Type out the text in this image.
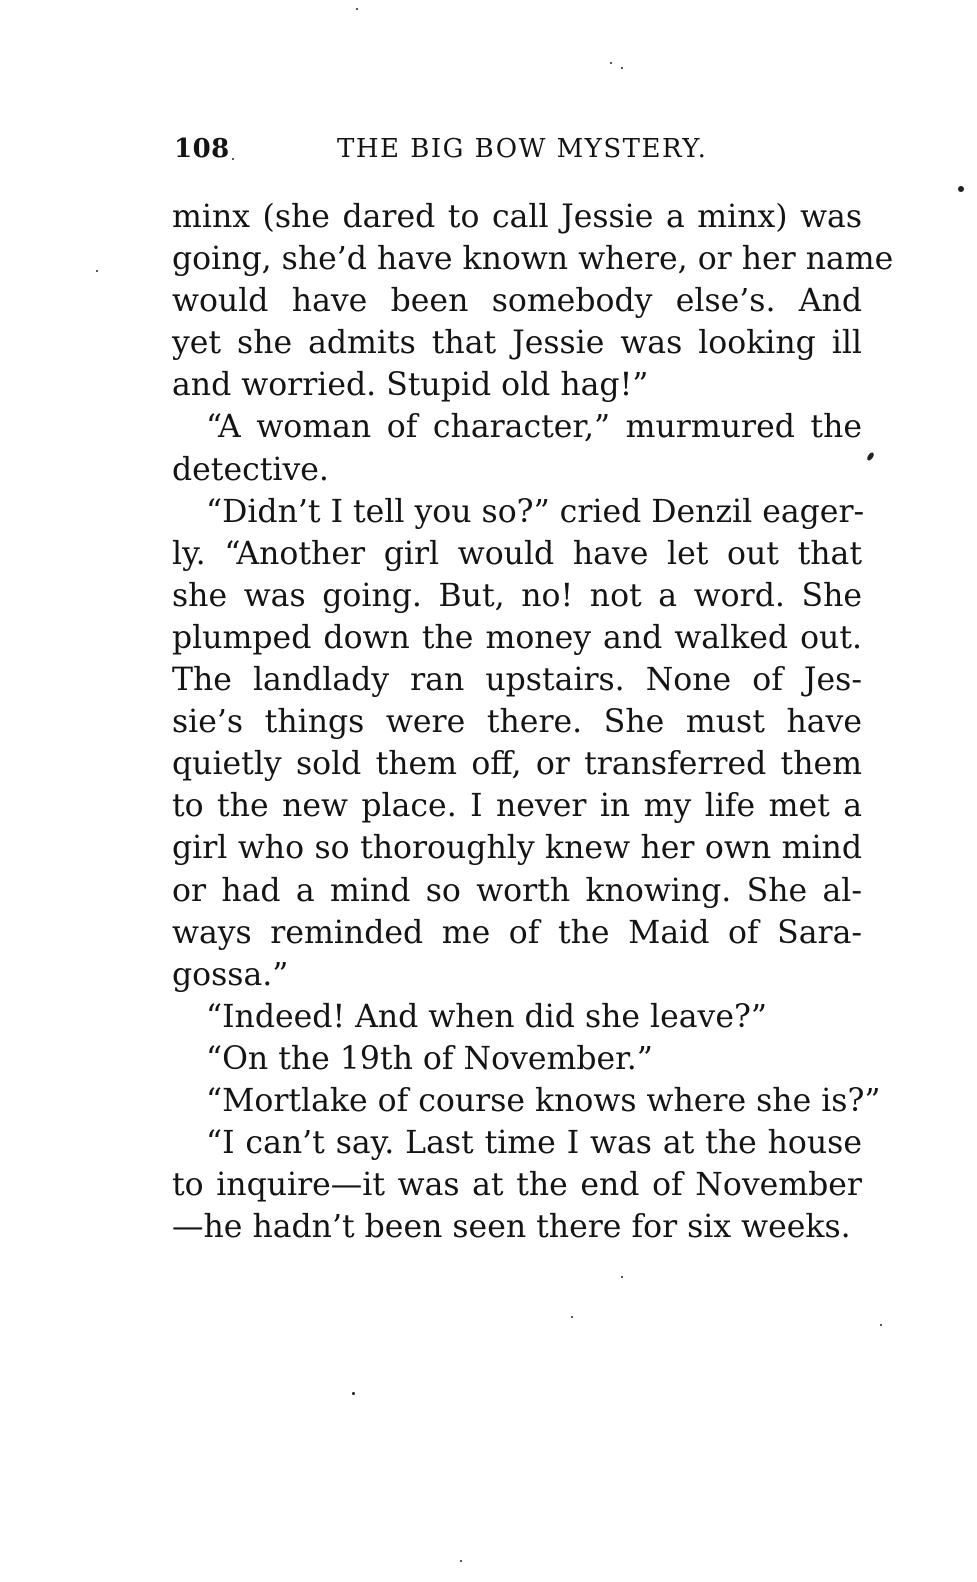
108	THE BIG BOW MYSTERY.
minx (she dared to call Jessie a minx) was
going, she’d have known where, or her name
would have been somebody else’s. And
yet she admits that Jessie was looking ill
and worried. Stupid old hag!”
“A woman of character,” murmured the
detective.
“Didn’t I tell you so?” cried Denzil eager-
ly. “Another girl would have let out that
she was going. But, no! not a word. She
plumped down the money and walked out.
The landlady ran upstairs. None of Jes-
sie’s things were there. She must have
quietly sold them off, or transferred them
to the new place. I never in my life met a
girl who so thoroughly knew her own mind
or had a mind so worth knowing. She al-
ways reminded me of the Maid of Sara-
gossa.”
“Indeed! And when did she leave?”
“On the 19th of November.”
“Mortlake of course knows where she is?”
“I can’t say. Last time I was at the house
to inquire—it was at the end of November
—he hadn’t been seen there for six weeks.
